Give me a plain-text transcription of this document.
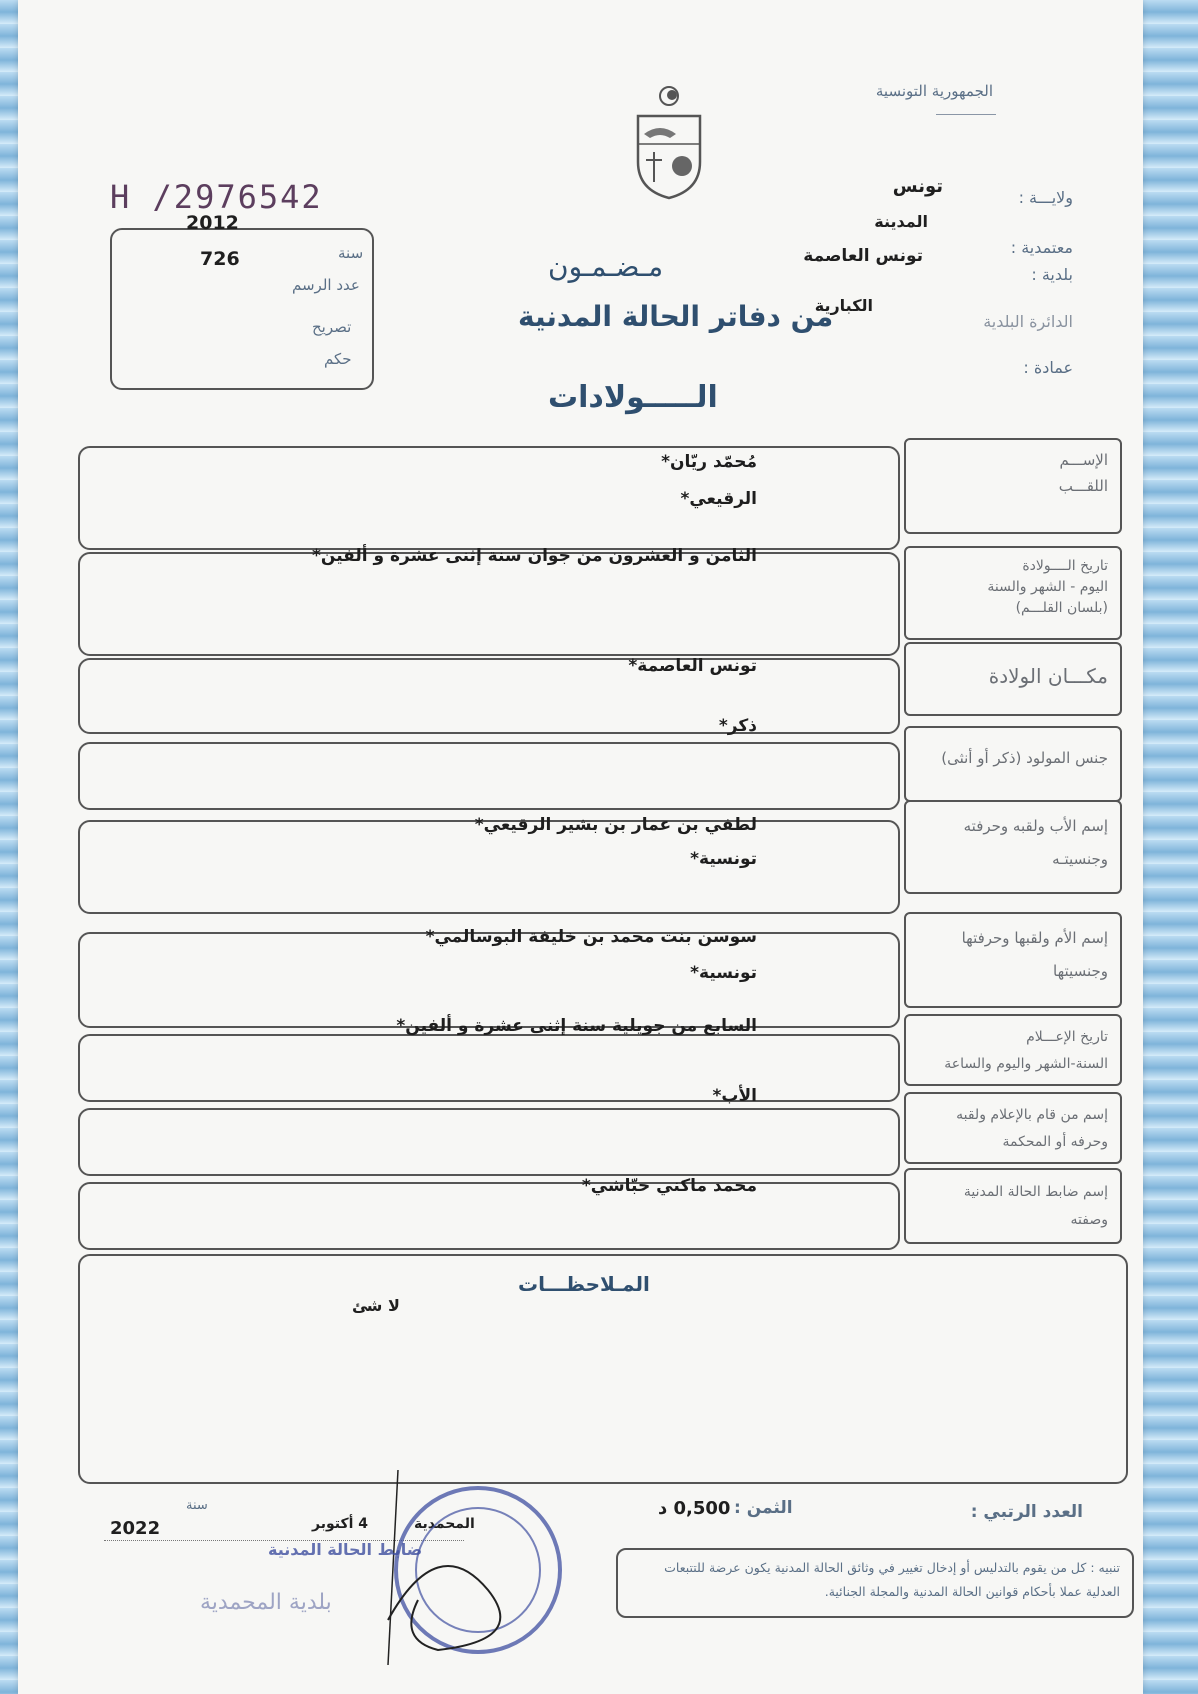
الجمهورية التونسية
ولايـــة :
تونس
المدينة
معتمدية :
بلدية :
تونس العاصمة
الكبارية
الدائرة البلدية
عمادة :
H /2976542
سنة
2012
عدد الرسم
726
تصريح
حكم
مـضـمـون
من دفاتر الحالة المدنية
الـــــولادات
الإســـم
اللقـــب
مُحمّد ريّان*
الرقيعي*
تاريخ الــــولادة
اليوم - الشهر والسنة
(بلسان القلـــم)
الثامن و العشرون من جوان سنة إثنى عشرة و ألفين*
مكـــان الولادة
تونس العاصمة*
جنس المولود (ذكر أو أنثى)
ذكر*
إسم الأب ولقبه وحرفته
وجنسيتـه
لطفي بن عمار بن بشير الرقيعي*
تونسية*
إسم الأم ولقبها وحرفتها
وجنسيتها
سوسن بنت محمد بن خليفة البوسالمي*
تونسية*
تاريخ الإعـــلام
السنة-الشهر واليوم والساعة
السابع من جويلية سنة إثنى عشرة و ألفين*
إسم من قام بالإعلام ولقبه
وحرفه أو المحكمة
الأب*
إسم ضابط الحالة المدنية
وصفته
محمد ماكني حبّاشي*
المـلاحظـــات
لا شئ
العدد الرتبي :
الثمن :
0,500 د
المحمدية
4 أكتوبر
سنة
2022
تنبيه : كل من يقوم بالتدليس أو إدخال تغيير في وثائق الحالة المدنية يكون عرضة للتتبعات العدلية عملا بأحكام قوانين الحالة المدنية والمجلة الجنائية.
ضابط الحالة المدنية
بلدية المحمدية
